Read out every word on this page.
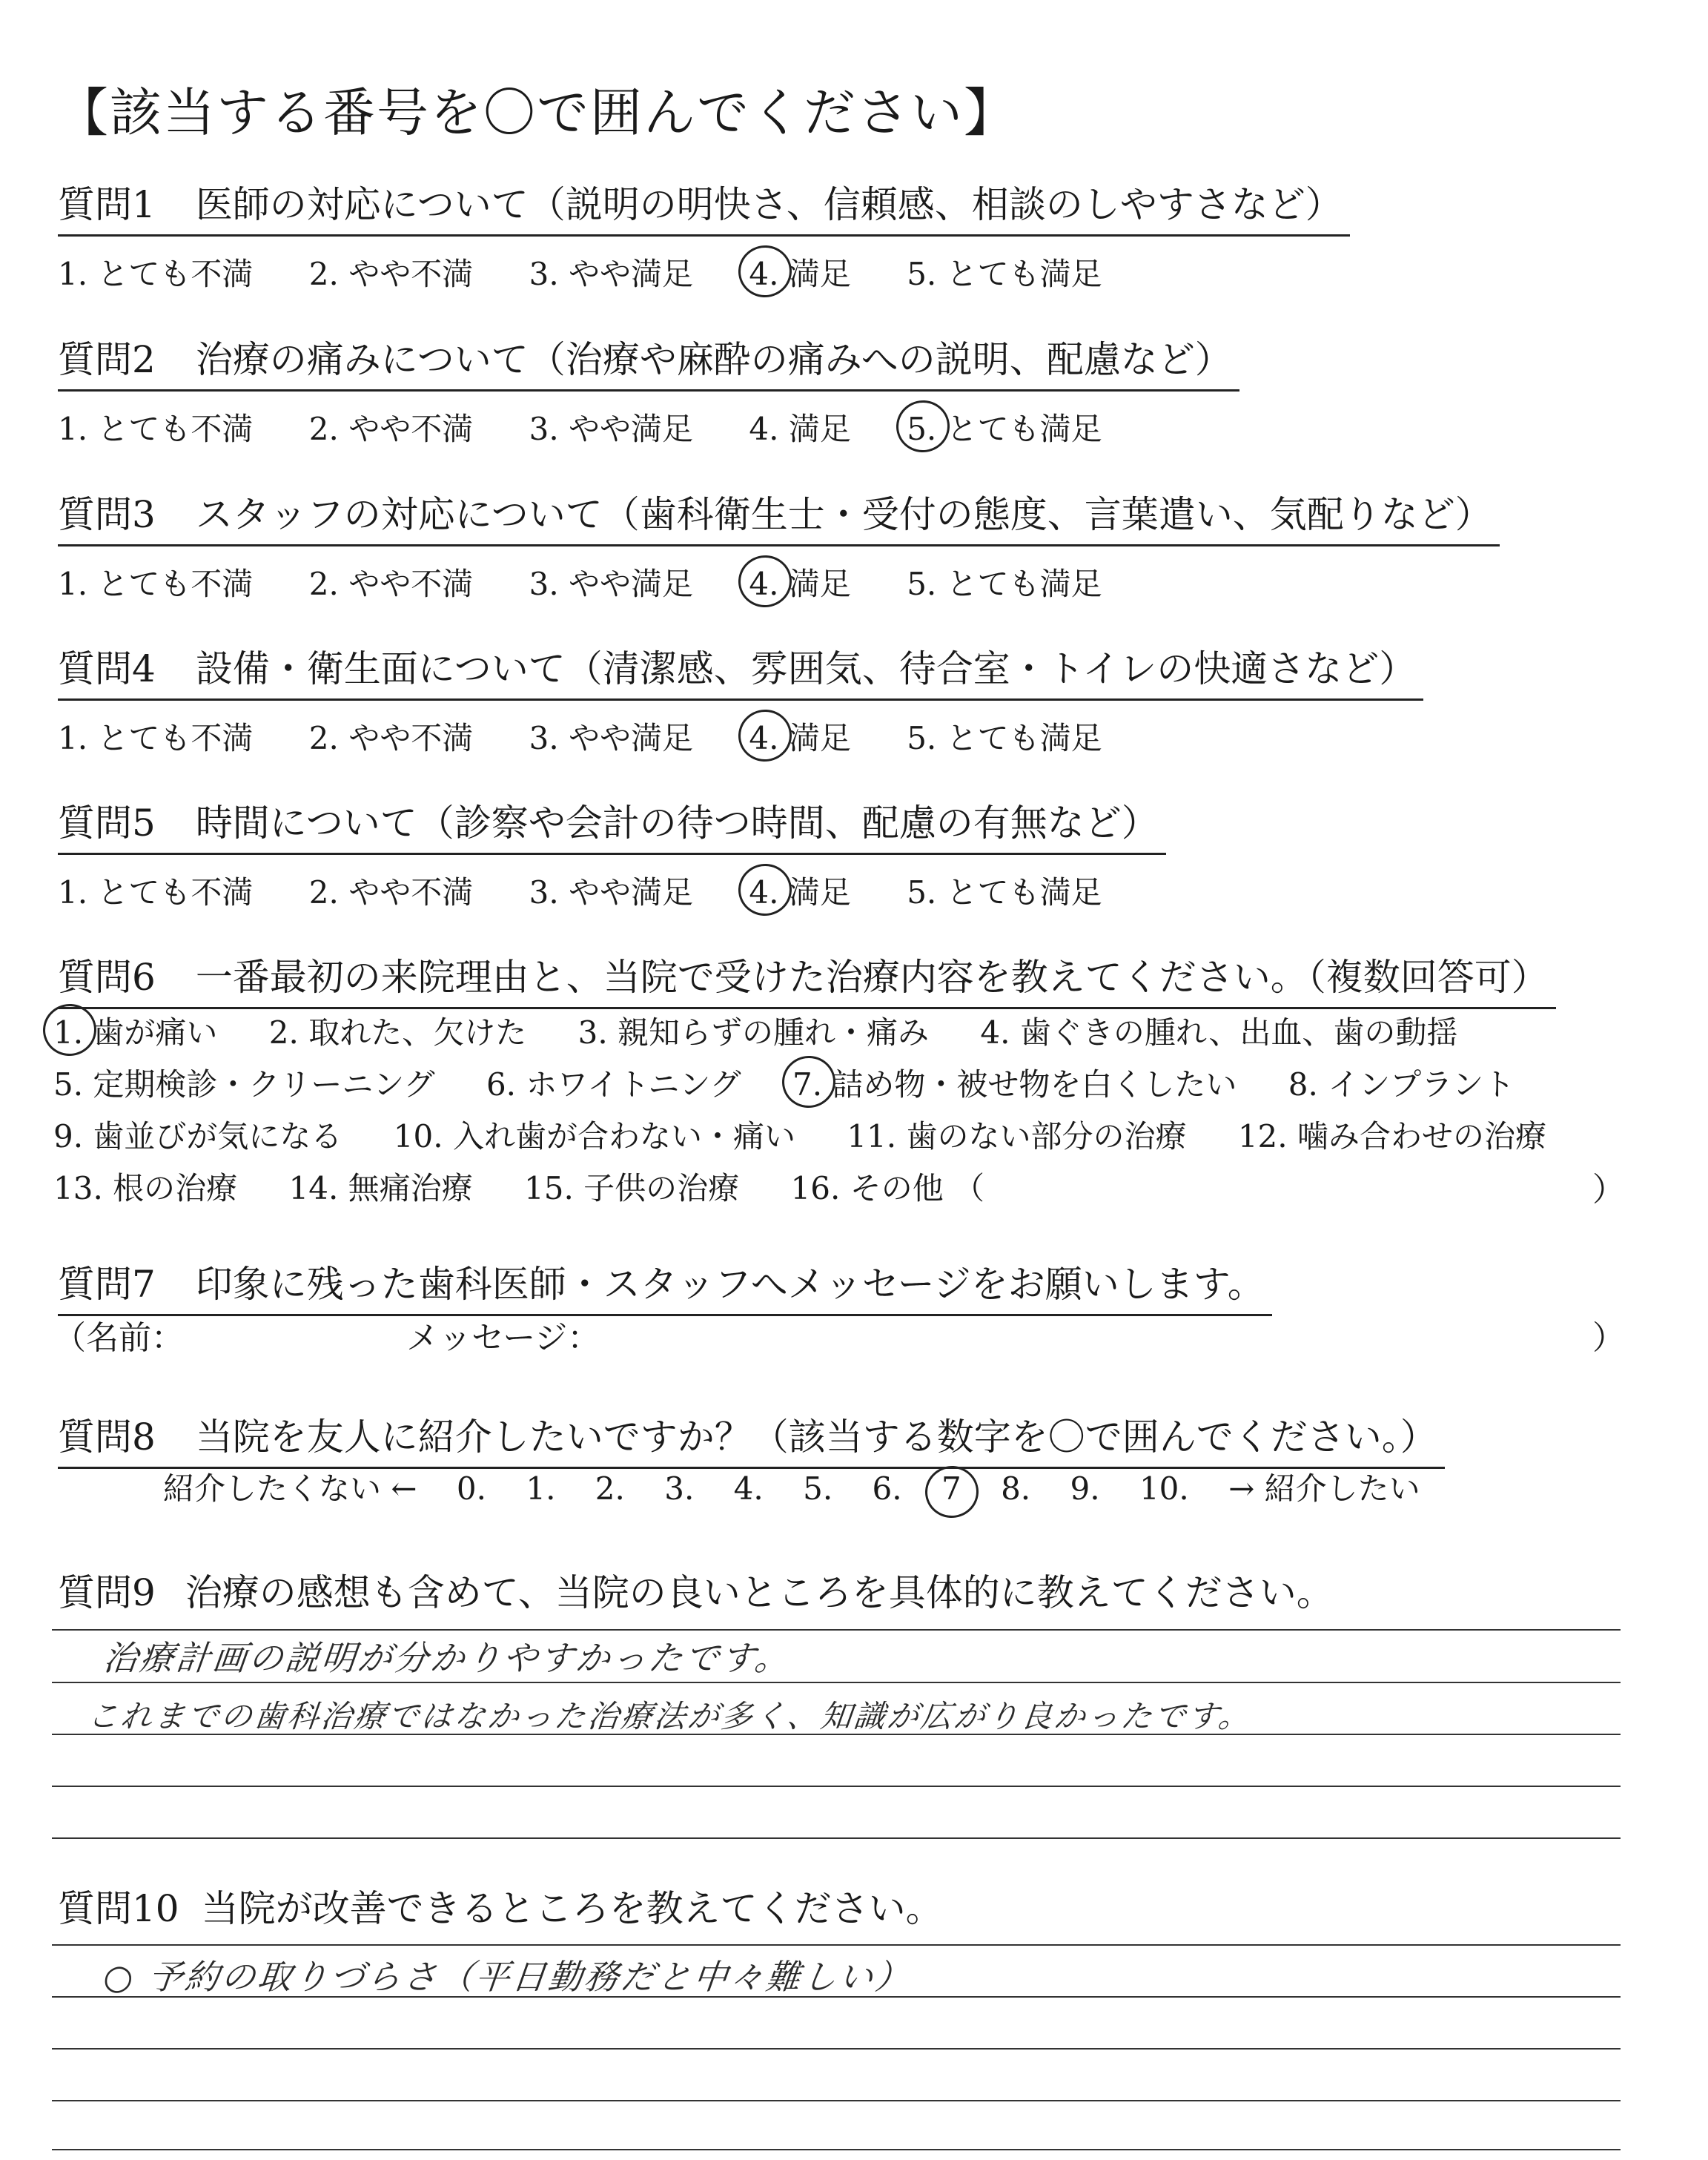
【該当する番号を〇で囲んでください】
質問1 医師の対応について（説明の明快さ、信頼感、相談のしやすさなど）
1. とても不満 2. やや不満 3. やや満足 4. 満足 5. とても満足
質問2 治療の痛みについて（治療や麻酔の痛みへの説明、配慮など）
1. とても不満 2. やや不満 3. やや満足 4. 満足 5. とても満足
質問3 スタッフの対応について（歯科衛生士・受付の態度、言葉遣い、気配りなど）
1. とても不満 2. やや不満 3. やや満足 4. 満足 5. とても満足
質問4 設備・衛生面について（清潔感、雰囲気、待合室・トイレの快適さなど）
1. とても不満 2. やや不満 3. やや満足 4. 満足 5. とても満足
質問5 時間について（診察や会計の待つ時間、配慮の有無など）
1. とても不満 2. やや不満 3. やや満足 4. 満足 5. とても満足
質問6 一番最初の来院理由と、当院で受けた治療内容を教えてください。（複数回答可）
1. 歯が痛い 2. 取れた、欠けた 3. 親知らずの腫れ・痛み 4. 歯ぐきの腫れ、出血、歯の動揺
5. 定期検診・クリーニング 6. ホワイトニング 7. 詰め物・被せ物を白くしたい 8. インプラント
9. 歯並びが気になる 10. 入れ歯が合わない・痛い 11. 歯のない部分の治療 12. 噛み合わせの治療
13. 根の治療 14. 無痛治療 15. 子供の治療 16. その他 （	）
質問7 印象に残った歯科医師・スタッフへメッセージをお願いします。
（名前：	メッセージ：	）
質問8 当院を友人に紹介したいですか？（該当する数字を〇で囲んでください。）
紹介したくない ← 0. 1. 2. 3. 4. 5. 6. 7 8. 9. 10. → 紹介したい
質問9 治療の感想も含めて、当院の良いところを具体的に教えてください。
治療計画の説明が分かりやすかったです。
これまでの歯科治療ではなかった治療法が多く、知識が広がり良かったです。
質問10 当院が改善できるところを教えてください。
○ 予約の取りづらさ（平日勤務だと中々難しい）
